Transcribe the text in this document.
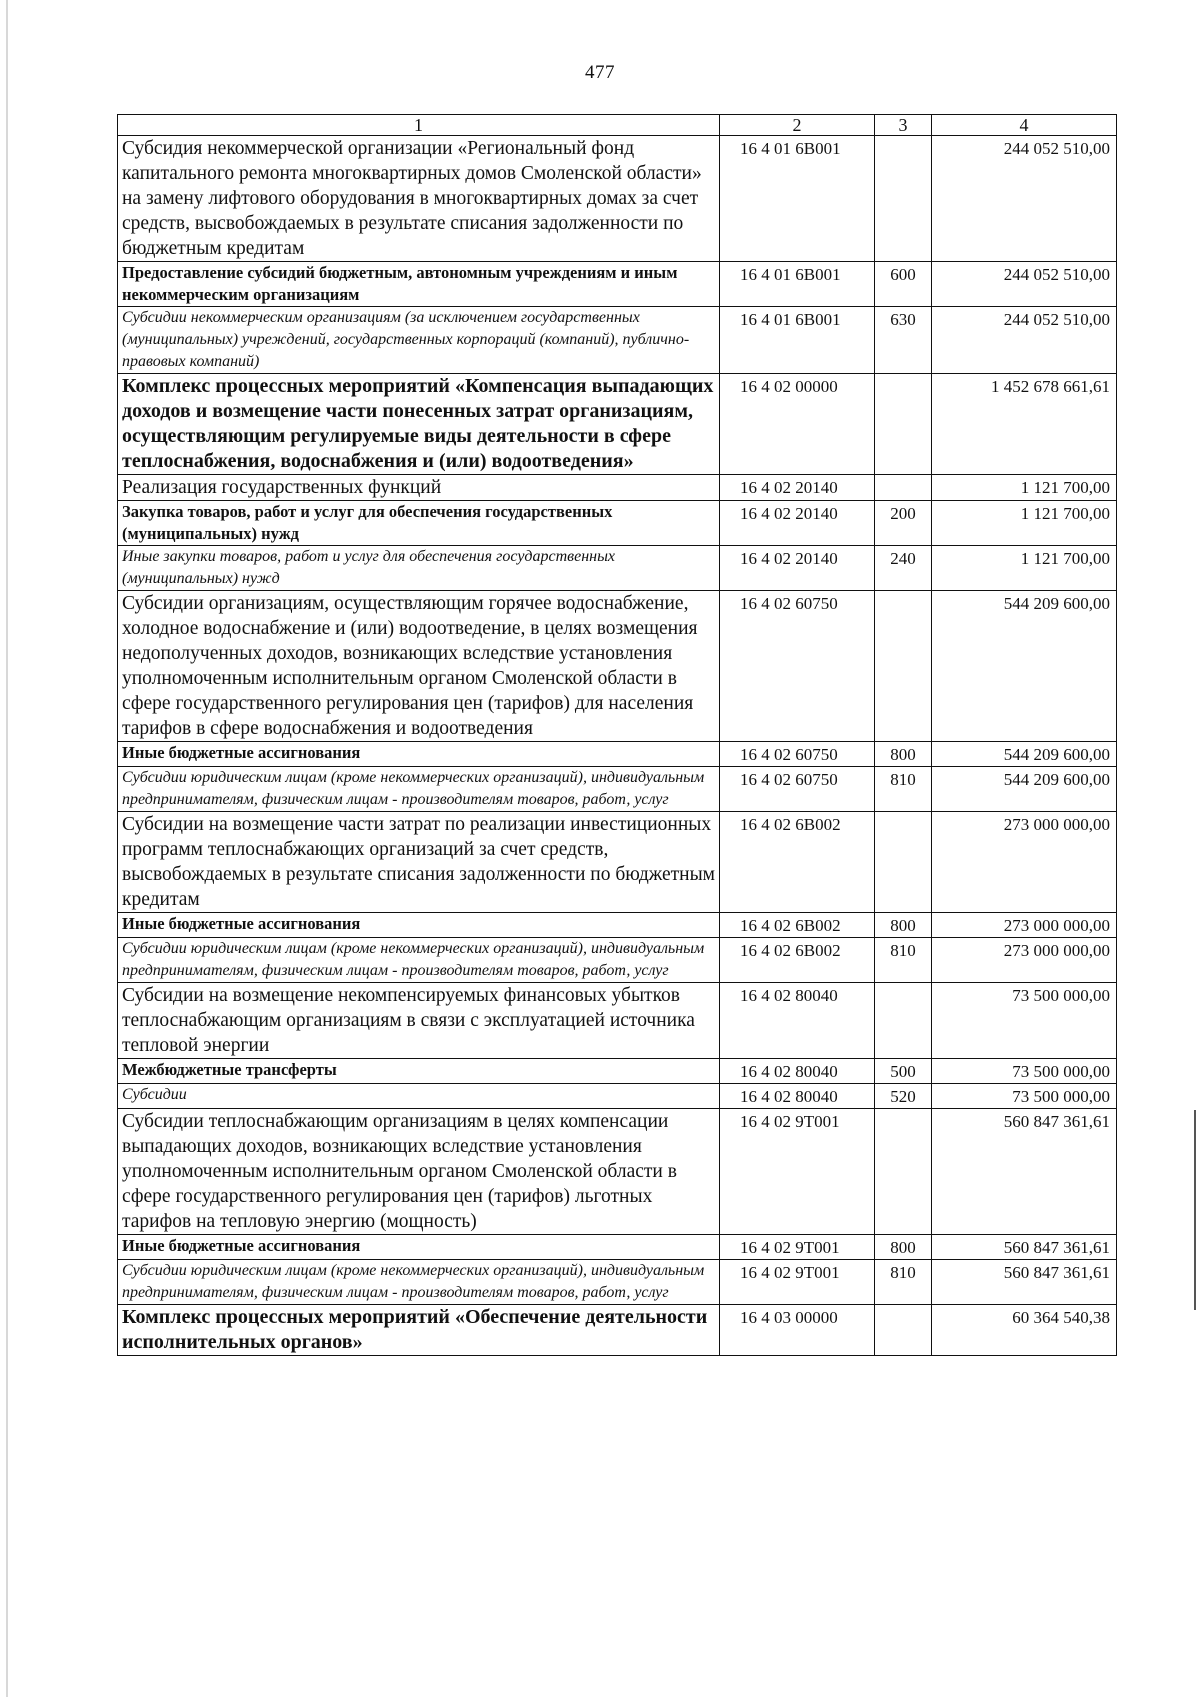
477
1	2	3	4
Субсидия некоммерческой организации «Региональный фонд капитального ремонта многоквартирных домов Смоленской области» на замену лифтового оборудования в многоквартирных домах за счет средств, высвобождаемых в результате списания задолженности по бюджетным кредитам	16 4 01 6В001		244 052 510,00
Предоставление субсидий бюджетным, автономным учреждениям и иным некоммерческим организациям	16 4 01 6В001	600	244 052 510,00
Субсидии некоммерческим организациям (за исключением государственных (муниципальных) учреждений, государственных корпораций (компаний), публично-правовых компаний)	16 4 01 6В001	630	244 052 510,00
Комплекс процессных мероприятий «Компенсация выпадающих доходов и возмещение части понесенных затрат организациям, осуществляющим регулируемые виды деятельности в сфере теплоснабжения, водоснабжения и (или) водоотведения»	16 4 02 00000		1 452 678 661,61
Реализация государственных функций	16 4 02 20140		1 121 700,00
Закупка товаров, работ и услуг для обеспечения государственных (муниципальных) нужд	16 4 02 20140	200	1 121 700,00
Иные закупки товаров, работ и услуг для обеспечения государственных (муниципальных) нужд	16 4 02 20140	240	1 121 700,00
Субсидии организациям, осуществляющим горячее водоснабжение, холодное водоснабжение и (или) водоотведение, в целях возмещения недополученных доходов, возникающих вследствие установления уполномоченным исполнительным органом Смоленской области в сфере государственного регулирования цен (тарифов) для населения тарифов в сфере водоснабжения и водоотведения	16 4 02 60750		544 209 600,00
Иные бюджетные ассигнования	16 4 02 60750	800	544 209 600,00
Субсидии юридическим лицам (кроме некоммерческих организаций), индивидуальным предпринимателям, физическим лицам - производителям товаров, работ, услуг	16 4 02 60750	810	544 209 600,00
Субсидии на возмещение части затрат по реализации инвестиционных программ теплоснабжающих организаций за счет средств, высвобождаемых в результате списания задолженности по бюджетным кредитам	16 4 02 6В002		273 000 000,00
Иные бюджетные ассигнования	16 4 02 6В002	800	273 000 000,00
Субсидии юридическим лицам (кроме некоммерческих организаций), индивидуальным предпринимателям, физическим лицам - производителям товаров, работ, услуг	16 4 02 6В002	810	273 000 000,00
Субсидии на возмещение некомпенсируемых финансовых убытков теплоснабжающим организациям в связи с эксплуатацией источника тепловой энергии	16 4 02 80040		73 500 000,00
Межбюджетные трансферты	16 4 02 80040	500	73 500 000,00
Субсидии	16 4 02 80040	520	73 500 000,00
Субсидии теплоснабжающим организациям в целях компенсации выпадающих доходов, возникающих вследствие установления уполномоченным исполнительным органом Смоленской области в сфере государственного регулирования цен (тарифов) льготных тарифов на тепловую энергию (мощность)	16 4 02 9Т001		560 847 361,61
Иные бюджетные ассигнования	16 4 02 9Т001	800	560 847 361,61
Субсидии юридическим лицам (кроме некоммерческих организаций), индивидуальным предпринимателям, физическим лицам - производителям товаров, работ, услуг	16 4 02 9Т001	810	560 847 361,61
Комплекс процессных мероприятий «Обеспечение деятельности исполнительных органов»	16 4 03 00000		60 364 540,38
